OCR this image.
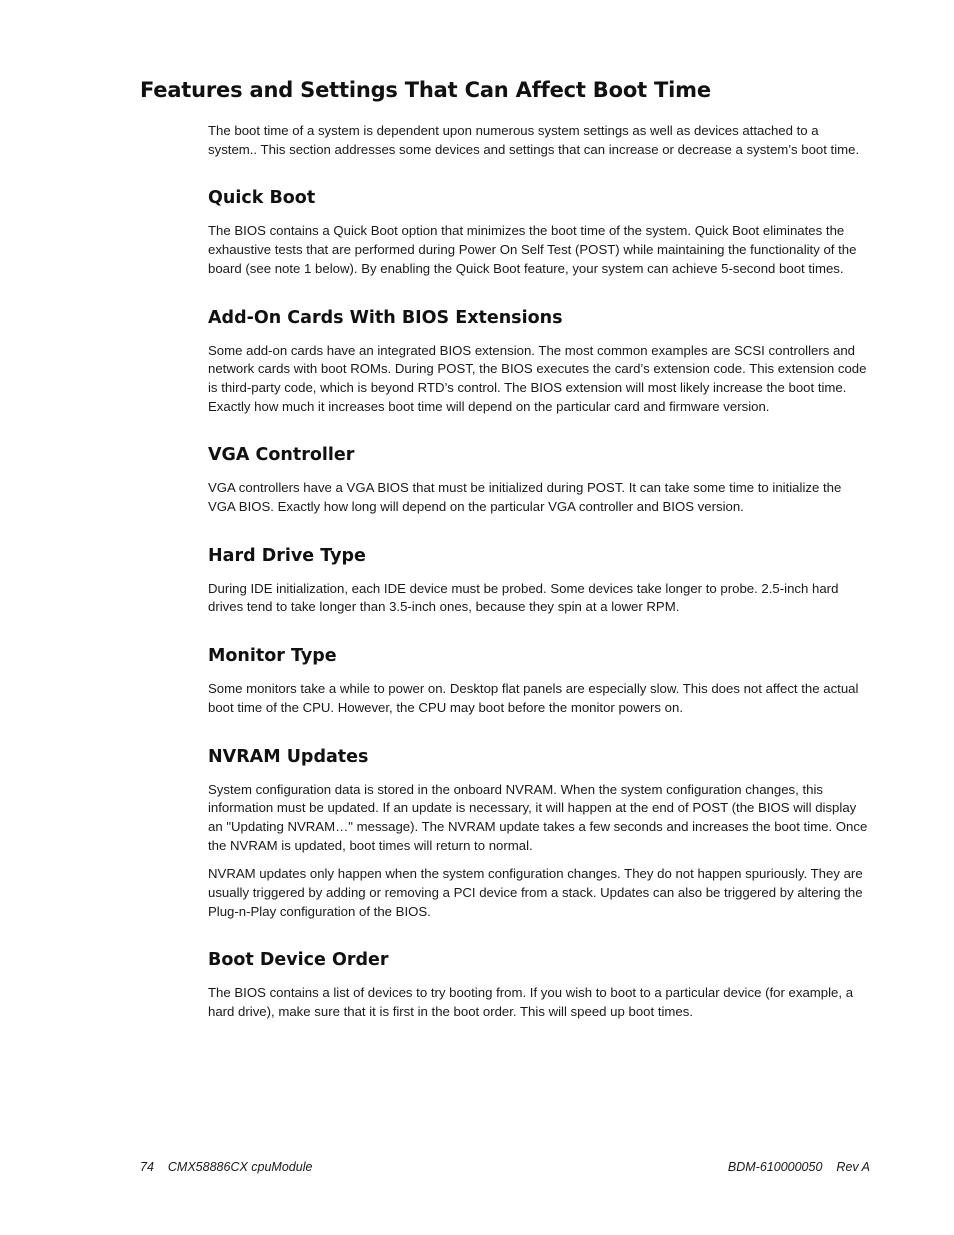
Features and Settings That Can Affect Boot Time

The boot time of a system is dependent upon numerous system settings as well as devices attached to a system.. This section addresses some devices and settings that can increase or decrease a system’s boot time.

Quick Boot

The BIOS contains a Quick Boot option that minimizes the boot time of the system. Quick Boot eliminates the exhaustive tests that are performed during Power On Self Test (POST) while maintaining the functionality of the board (see note 1 below). By enabling the Quick Boot feature, your system can achieve 5-second boot times.

Add-On Cards With BIOS Extensions

Some add-on cards have an integrated BIOS extension. The most common examples are SCSI controllers and network cards with boot ROMs. During POST, the BIOS executes the card’s extension code. This extension code is third-party code, which is beyond RTD’s control. The BIOS extension will most likely increase the boot time. Exactly how much it increases boot time will depend on the particular card and firmware version.

VGA Controller

VGA controllers have a VGA BIOS that must be initialized during POST. It can take some time to initialize the VGA BIOS. Exactly how long will depend on the particular VGA controller and BIOS version.

Hard Drive Type

During IDE initialization, each IDE device must be probed. Some devices take longer to probe. 2.5-inch hard drives tend to take longer than 3.5-inch ones, because they spin at a lower RPM.

Monitor Type

Some monitors take a while to power on. Desktop flat panels are especially slow. This does not affect the actual boot time of the CPU. However, the CPU may boot before the monitor powers on.

NVRAM Updates

System configuration data is stored in the onboard NVRAM. When the system configuration changes, this information must be updated. If an update is necessary, it will happen at the end of POST (the BIOS will display an "Updating NVRAM…" message). The NVRAM update takes a few seconds and increases the boot time. Once the NVRAM is updated, boot times will return to normal.

NVRAM updates only happen when the system configuration changes. They do not happen spuriously. They are usually triggered by adding or removing a PCI device from a stack. Updates can also be triggered by altering the Plug-n-Play configuration of the BIOS.

Boot Device Order

The BIOS contains a list of devices to try booting from. If you wish to boot to a particular device (for example, a hard drive), make sure that it is first in the boot order. This will speed up boot times.

74 CMX58886CX cpuModule	BDM-610000050 Rev A
